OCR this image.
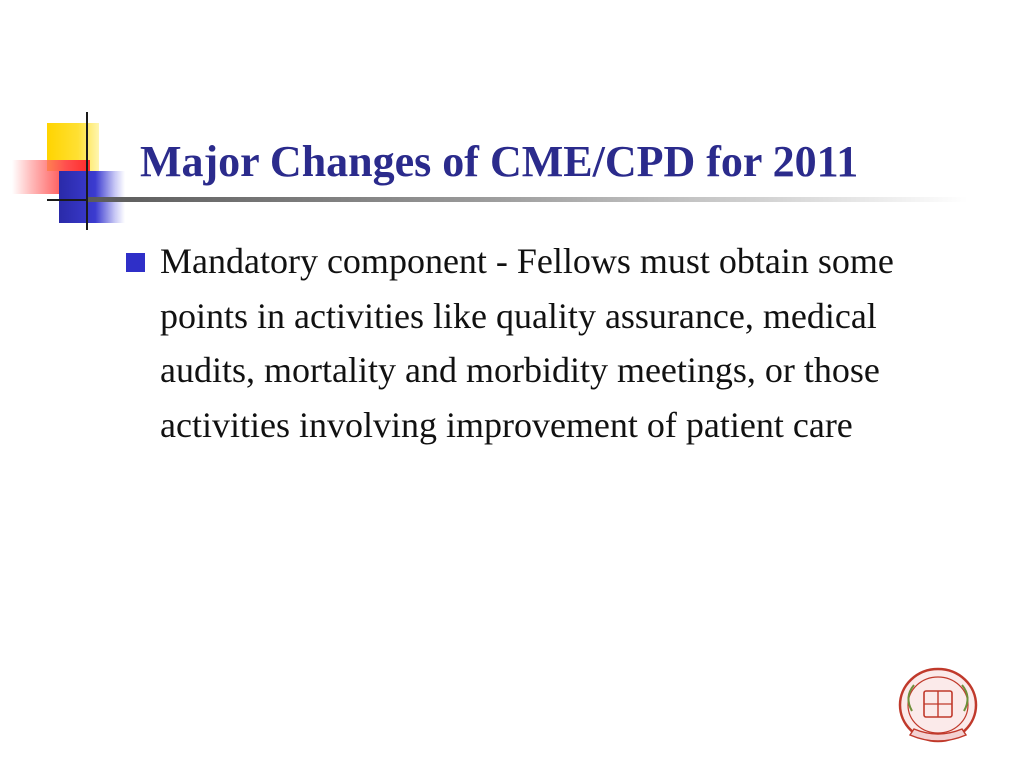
Major Changes of CME/CPD for 2011

Mandatory component - Fellows must obtain some points in activities like quality assurance, medical audits, mortality and morbidity meetings, or those activities involving improvement of patient care
